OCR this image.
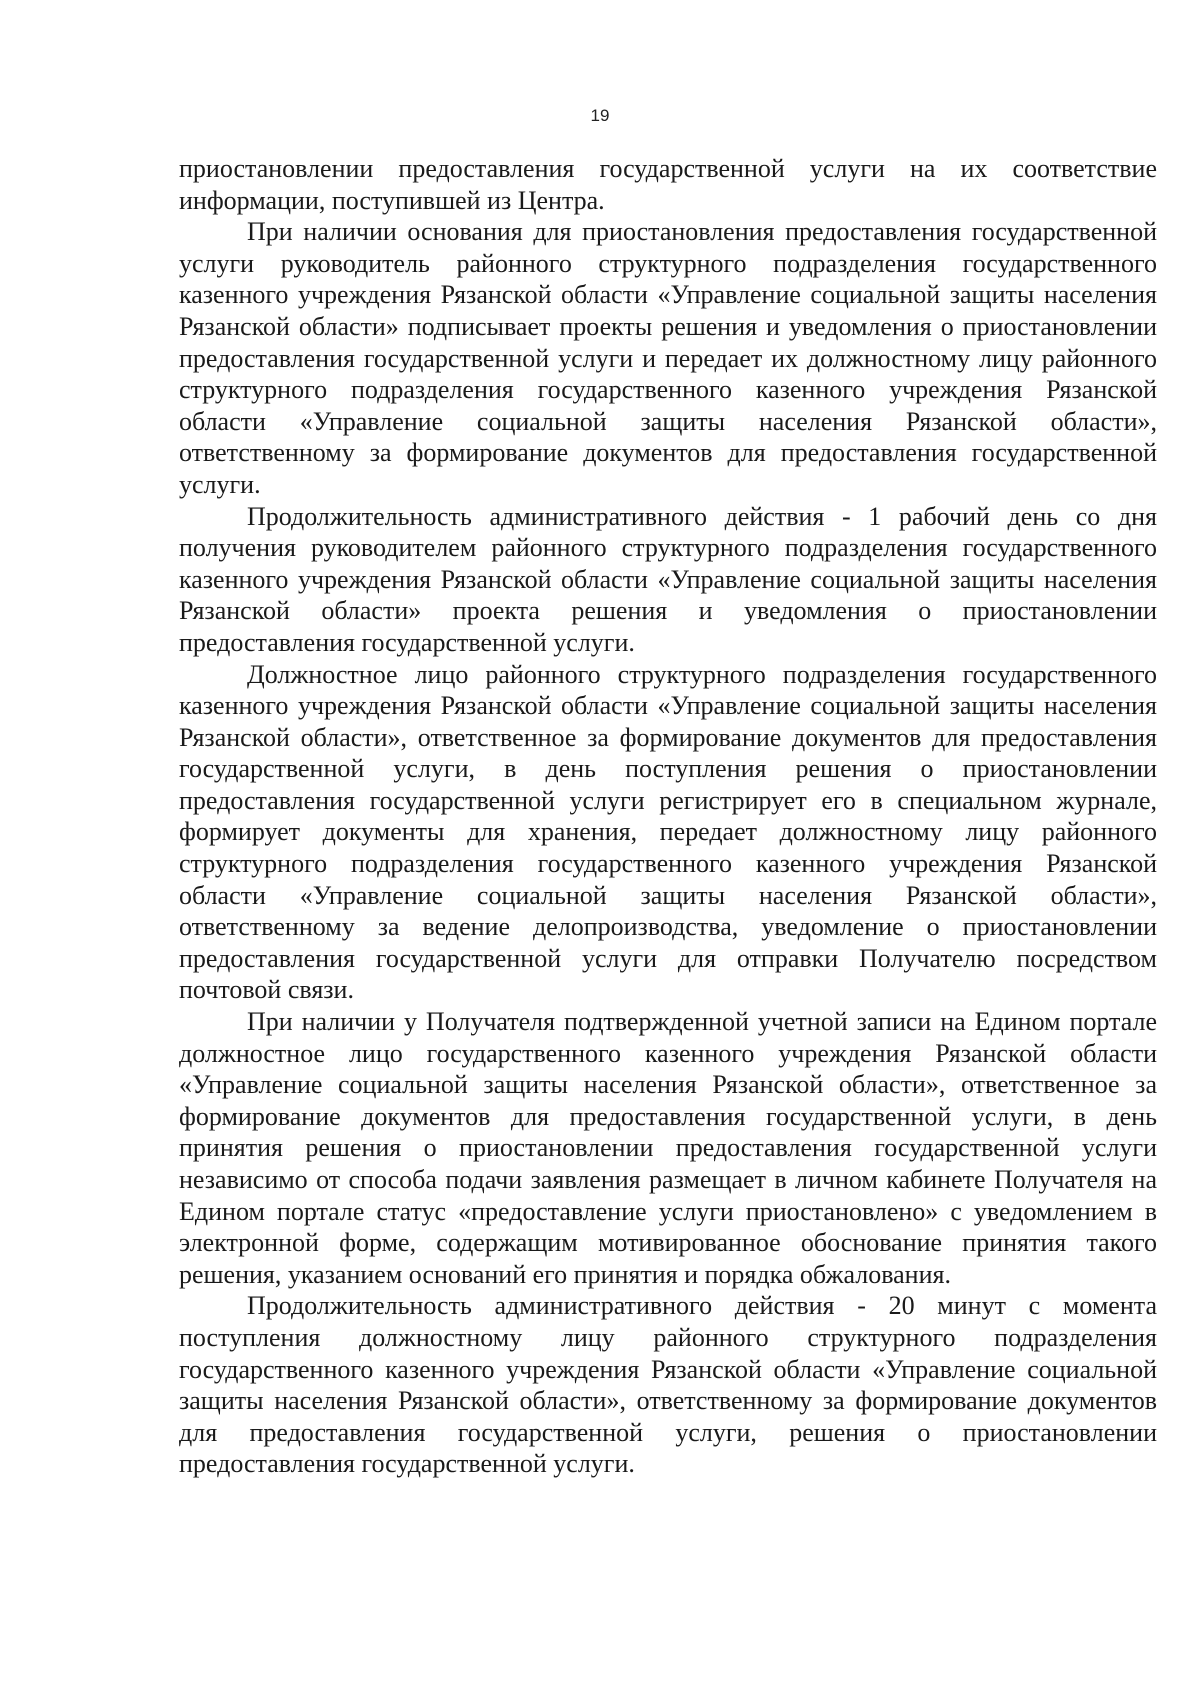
19

приостановлении предоставления государственной услуги на их соответствие информации, поступившей из Центра.

При наличии основания для приостановления предоставления государственной услуги руководитель районного структурного подразделения государственного казенного учреждения Рязанской области «Управление социальной защиты населения Рязанской области» подписывает проекты решения и уведомления о приостановлении предоставления государственной услуги и передает их должностному лицу районного структурного подразделения государственного казенного учреждения Рязанской области «Управление социальной защиты населения Рязанской области», ответственному за формирование документов для предоставления государственной услуги.

Продолжительность административного действия - 1 рабочий день со дня получения руководителем районного структурного подразделения государственного казенного учреждения Рязанской области «Управление социальной защиты населения Рязанской области» проекта решения и уведомления о приостановлении предоставления государственной услуги.

Должностное лицо районного структурного подразделения государственного казенного учреждения Рязанской области «Управление социальной защиты населения Рязанской области», ответственное за формирование документов для предоставления государственной услуги, в день поступления решения о приостановлении предоставления государственной услуги регистрирует его в специальном журнале, формирует документы для хранения, передает должностному лицу районного структурного подразделения государственного казенного учреждения Рязанской области «Управление социальной защиты населения Рязанской области», ответственному за ведение делопроизводства, уведомление о приостановлении предоставления государственной услуги для отправки Получателю посредством почтовой связи.

При наличии у Получателя подтвержденной учетной записи на Едином портале должностное лицо государственного казенного учреждения Рязанской области «Управление социальной защиты населения Рязанской области», ответственное за формирование документов для предоставления государственной услуги, в день принятия решения о приостановлении предоставления государственной услуги независимо от способа подачи заявления размещает в личном кабинете Получателя на Едином портале статус «предоставление услуги приостановлено» с уведомлением в электронной форме, содержащим мотивированное обоснование принятия такого решения, указанием оснований его принятия и порядка обжалования.

Продолжительность административного действия - 20 минут с момента поступления должностному лицу районного структурного подразделения государственного казенного учреждения Рязанской области «Управление социальной защиты населения Рязанской области», ответственному за формирование документов для предоставления государственной услуги, решения о приостановлении предоставления государственной услуги.
